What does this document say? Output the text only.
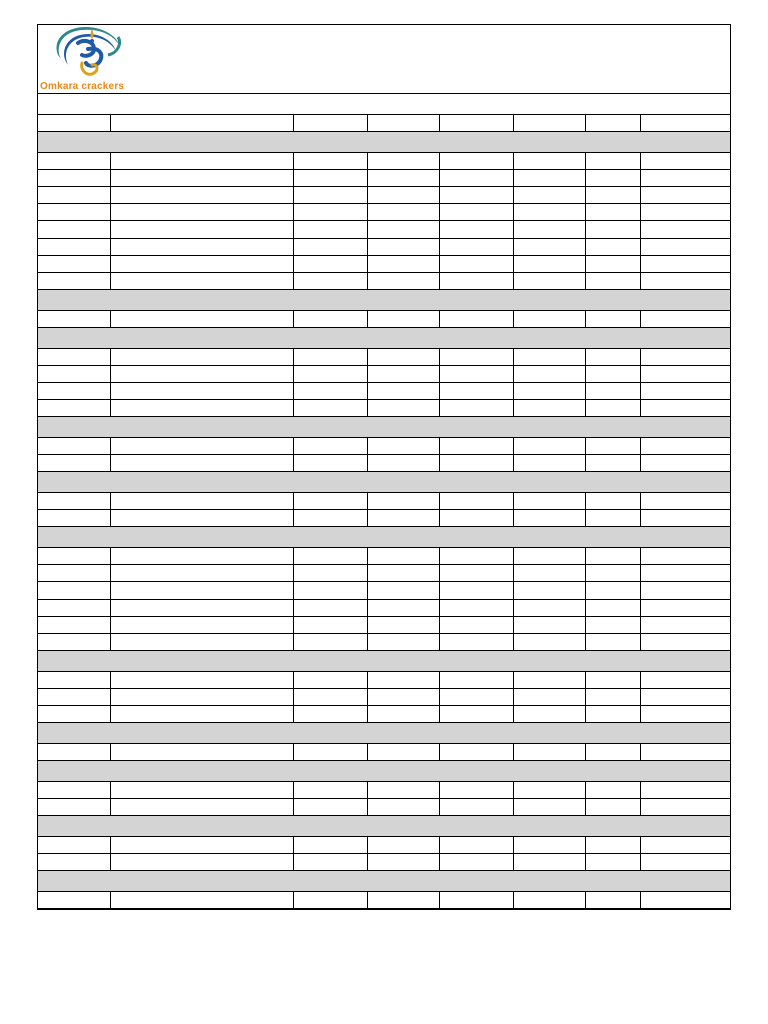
Omkara crackers
